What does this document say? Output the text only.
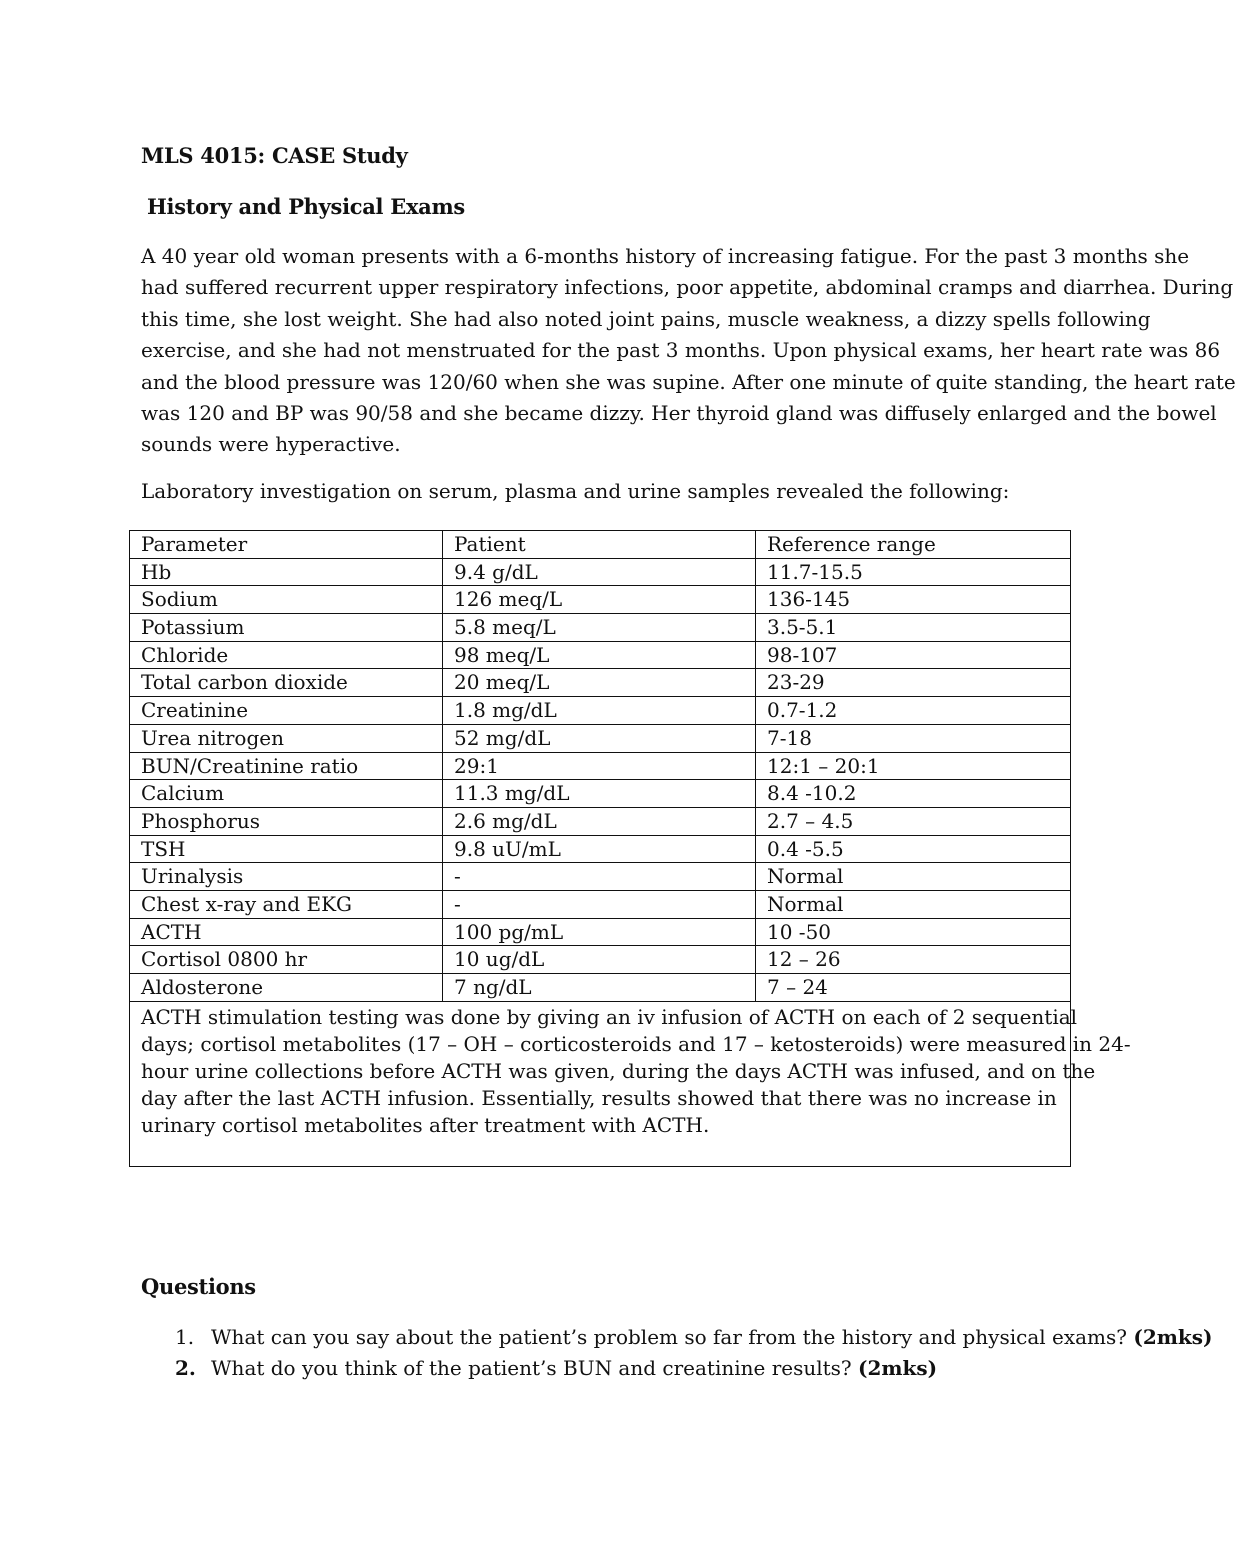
MLS 4015: CASE Study
History and Physical Exams

A 40 year old woman presents with a 6-months history of increasing fatigue. For the past 3 months she
had suffered recurrent upper respiratory infections, poor appetite, abdominal cramps and diarrhea. During
this time, she lost weight. She had also noted joint pains, muscle weakness, a dizzy spells following
exercise, and she had not menstruated for the past 3 months. Upon physical exams, her heart rate was 86
and the blood pressure was 120/60 when she was supine. After one minute of quite standing, the heart rate
was 120 and BP was 90/58 and she became dizzy. Her thyroid gland was diffusely enlarged and the bowel
sounds were hyperactive.

Laboratory investigation on serum, plasma and urine samples revealed the following:

Parameter	Patient	Reference range
Hb	9.4 g/dL	11.7-15.5
Sodium	126 meq/L	136-145
Potassium	5.8 meq/L	3.5-5.1
Chloride	98 meq/L	98-107
Total carbon dioxide	20 meq/L	23-29
Creatinine	1.8 mg/dL	0.7-1.2
Urea nitrogen	52 mg/dL	7-18
BUN/Creatinine ratio	29:1	12:1 – 20:1
Calcium	11.3 mg/dL	8.4 -10.2
Phosphorus	2.6 mg/dL	2.7 – 4.5
TSH	9.8 uU/mL	0.4 -5.5
Urinalysis	-	Normal
Chest x-ray and EKG	-	Normal
ACTH	100 pg/mL	10 -50
Cortisol 0800 hr	10 ug/dL	12 – 26
Aldosterone	7 ng/dL	7 – 24

ACTH stimulation testing was done by giving an iv infusion of ACTH on each of 2 sequential
days; cortisol metabolites (17 – OH – corticosteroids and 17 – ketosteroids) were measured in 24-
hour urine collections before ACTH was given, during the days ACTH was infused, and on the
day after the last ACTH infusion. Essentially, results showed that there was no increase in
urinary cortisol metabolites after treatment with ACTH.		
Questions
1. What can you say about the patient’s problem so far from the history and physical exams? (2mks)
2. What do you think of the patient’s BUN and creatinine results? (2mks)
